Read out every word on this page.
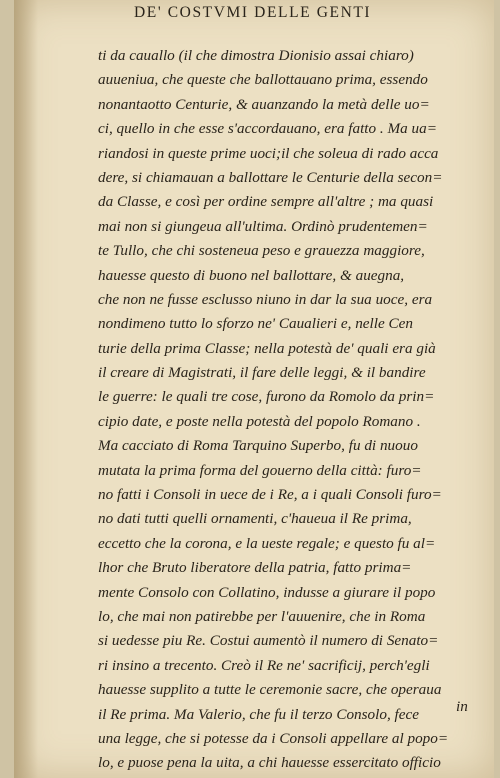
DE' COSTVMI DELLE GENTI
ti da cauallo (il che dimostra Dionisio assai chiaro)
auueniua, che queste che ballottauano prima, essendo
nonantaotto Centurie, & auanzando la metà delle uo=
ci, quello in che esse s'accordauano, era fatto . Ma ua=
riandosi in queste prime uoci;il che soleua di rado acca
dere, si chiamauan a ballottare le Centurie della secon=
da Classe, e così per ordine sempre all'altre ; ma quasi
mai non si giungeua all'ultima. Ordinò prudentemen=
te Tullo, che chi sosteneua peso e grauezza maggiore,
hauesse questo di buono nel ballottare, & auegna,
che non ne fusse esclusso niuno in dar la sua uoce, era
nondimeno tutto lo sforzo ne' Caualieri e, nelle Cen
turie della prima Classe; nella potestà de' quali era già
il creare di Magistrati, il fare delle leggi, & il bandire
le guerre: le quali tre cose, furono da Romolo da prin=
cipio date, e poste nella potestà del popolo Romano .
Ma cacciato di Roma Tarquino Superbo, fu di nuouo
mutata la prima forma del gouerno della città: furo=
no fatti i Consoli in uece de i Re, a i quali Consoli furo=
no dati tutti quelli ornamenti, c'haueua il Re prima,
eccetto che la corona, e la ueste regale; e questo fu al=
lhor che Bruto liberatore della patria, fatto prima=
mente Consolo con Collatino, indusse a giurare il popo
lo, che mai non patirebbe per l'auuenire, che in Roma
si uedesse piu Re. Costui aumentò il numero di Senato=
ri insino a trecento. Creò il Re ne' sacrificij, perch'egli
hauesse supplito a tutte le ceremonie sacre, che operaua
il Re prima. Ma Valerio, che fu il terzo Consolo, fece
una legge, che si potesse da i Consoli appellare al popo=
lo, e puose pena la uita, a chi hauesse essercitato officio
in
